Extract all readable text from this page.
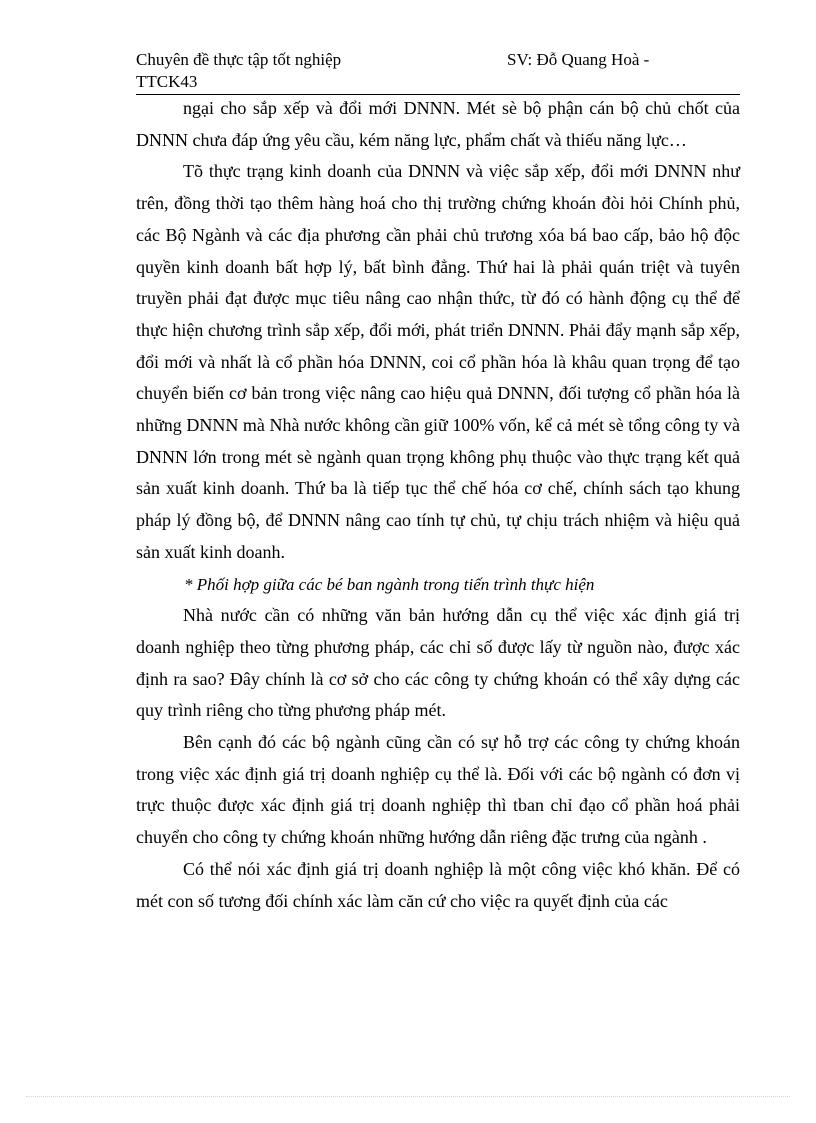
Chuyên đề thực tập tốt nghiệp	SV: Đỗ Quang Hoà -
TTCK43

ngại cho sắp xếp và đổi mới DNNN. Mét sè bộ phận cán bộ chủ chốt của DNNN chưa đáp ứng yêu cầu, kém năng lực, phẩm chất và thiếu năng lực…

Tõ thực trạng kinh doanh của DNNN và việc sắp xếp, đổi mới DNNN như trên, đồng thời tạo thêm hàng hoá cho thị trường chứng khoán đòi hỏi Chính phủ, các Bộ Ngành và các địa phương cần phải chủ trương xóa bá bao cấp, bảo hộ độc quyền kinh doanh bất hợp lý, bất bình đẳng. Thứ hai là phải quán triệt và tuyên truyền phải đạt được mục tiêu nâng cao nhận thức, từ đó có hành động cụ thể để thực hiện chương trình sắp xếp, đổi mới, phát triển DNNN. Phải đẩy mạnh sắp xếp, đổi mới và nhất là cổ phần hóa DNNN, coi cổ phần hóa là khâu quan trọng để tạo chuyển biến cơ bản trong việc nâng cao hiệu quả DNNN, đối tượng cổ phần hóa là những DNNN mà Nhà nước không cần giữ 100% vốn, kể cả mét sè tổng công ty và DNNN lớn trong mét sè ngành quan trọng không phụ thuộc vào thực trạng kết quả sản xuất kinh doanh. Thứ ba là tiếp tục thể chế hóa cơ chế, chính sách tạo khung pháp lý đồng bộ, để DNNN nâng cao tính tự chủ, tự chịu trách nhiệm và hiệu quả sản xuất kinh doanh.

* Phối hợp giữa các bé ban ngành trong tiến trình thực hiện

Nhà nước cần có những văn bản hướng dẫn cụ thể việc xác định giá trị doanh nghiệp theo từng phương pháp, các chỉ số được lấy từ nguồn nào, được xác định ra sao? Đây chính là cơ sở cho các công ty chứng khoán có thể xây dựng các quy trình riêng cho từng phương pháp mét.

Bên cạnh đó các bộ ngành cũng cần có sự hỗ trợ các công ty chứng khoán trong việc xác định giá trị doanh nghiệp cụ thể là. Đối với các bộ ngành có đơn vị trực thuộc được xác định giá trị doanh nghiệp thì tban chỉ đạo cổ phần hoá phải chuyển cho công ty chứng khoán những hướng dẫn riêng đặc trưng của ngành .

Có thể nói xác định giá trị doanh nghiệp là một công việc khó khăn. Để có mét con số tương đối chính xác làm căn cứ cho việc ra quyết định của các
